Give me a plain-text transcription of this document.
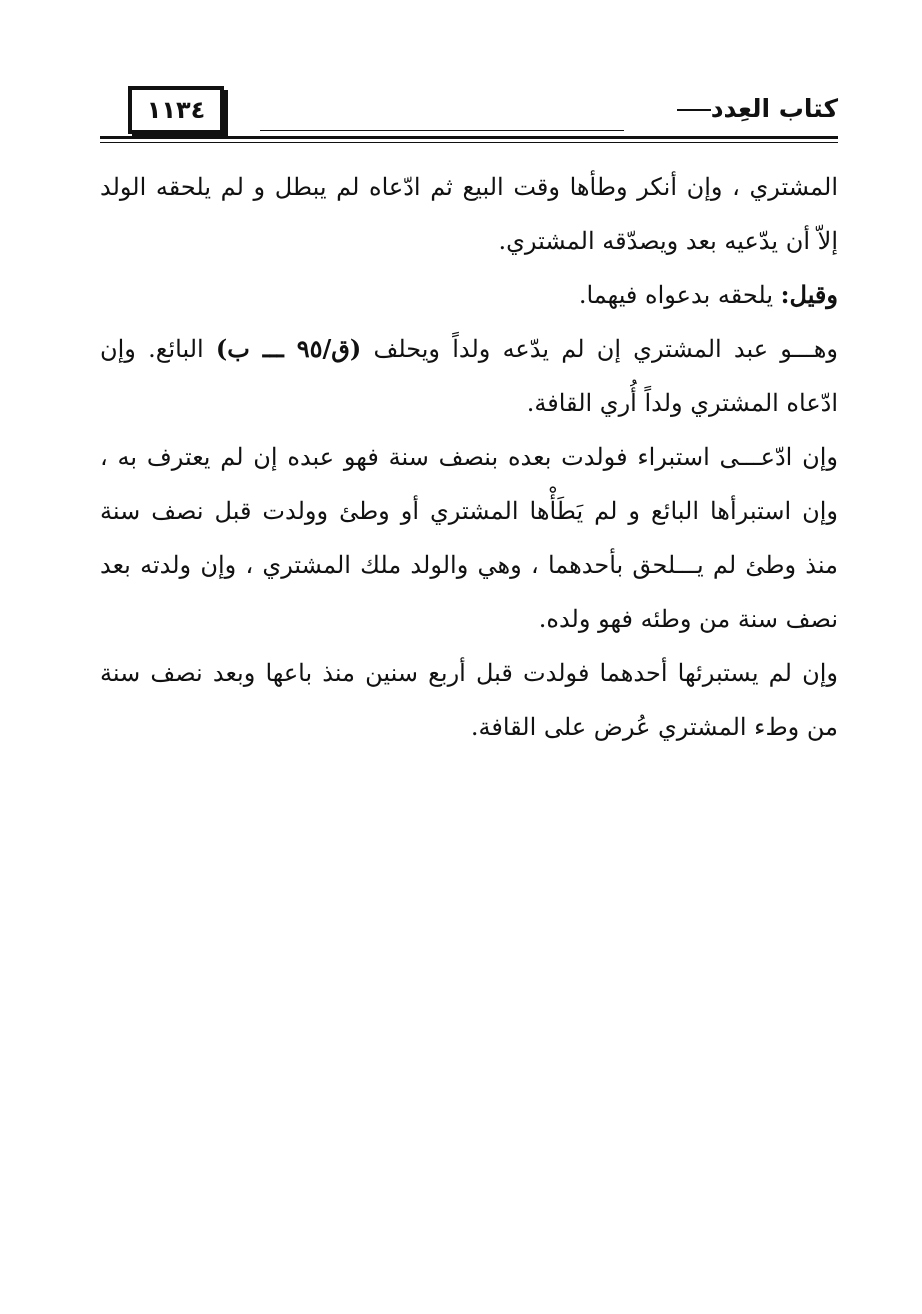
١١٣٤	كتاب العِدد

المشتري ، وإن أنكر وطأها وقت البيع ثم ادّعاه لم يبطل و لم يلحقه الولد إلاّ أن يدّعيه بعد ويصدّقه المشتري.

وقيل: يلحقه بدعواه فيهما.

وهـــو عبد المشتري إن لم يدّعه ولداً ويحلف (ق/٩٥ ـــ ب) البائع. وإن ادّعاه المشتري ولداً أُري القافة.

وإن ادّعـــى استبراء فولدت بعده بنصف سنة فهو عبده إن لم يعترف به ، وإن استبرأها البائع و لم يَطَأْها المشتري أو وطئ وولدت قبل نصف سنة منذ وطئ لم يـــلحق بأحدهما ، وهي والولد ملك المشتري ، وإن ولدته بعد نصف سنة من وطئه فهو ولده.

وإن لم يستبرئها أحدهما فولدت قبل أربع سنين منذ باعها وبعد نصف سنة من وطء المشتري عُرض على القافة.
